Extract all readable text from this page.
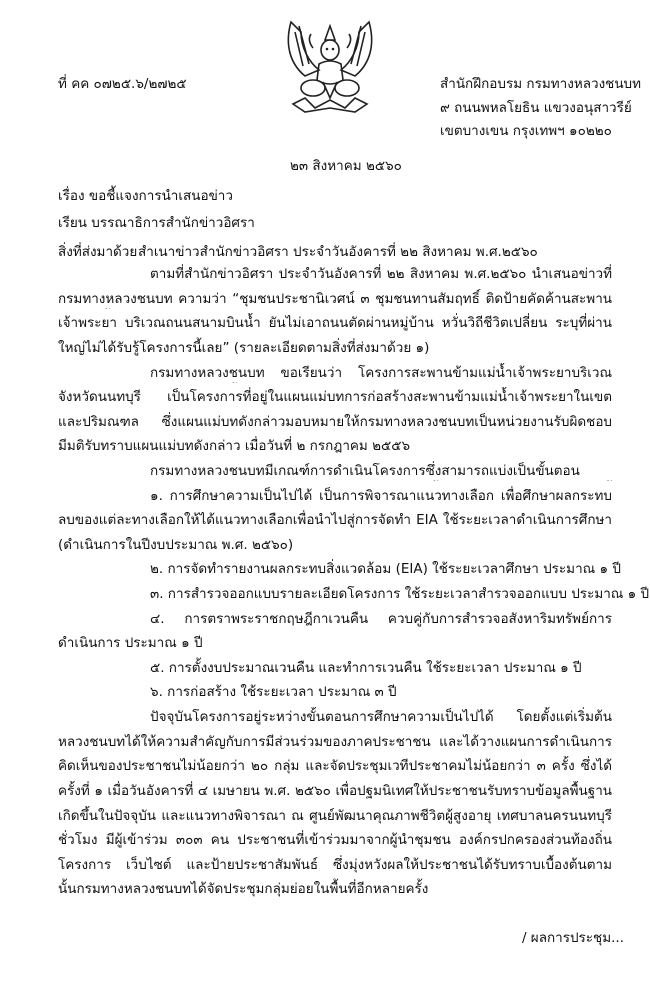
ที่ คค ๐๗๒๕.๖/๒๗๒๕	สำนักฝึกอบรม กรมทางหลวงชนบท
๙ ถนนพหลโยธิน แขวงอนุสาวรีย์
เขตบางเขน กรุงเทพฯ ๑๐๒๒๐
๒๓ สิงหาคม ๒๕๖๐
เรื่อง ขอชี้แจงการนำเสนอข่าว
เรียน บรรณาธิการสำนักข่าวอิศรา
สิ่งที่ส่งมาด้วย สำเนาข่าวสำนักข่าวอิศรา ประจำวันอังคารที่ ๒๒ สิงหาคม พ.ศ.๒๕๖๐
ตามที่สำนักข่าวอิศรา ประจำวันอังคารที่ ๒๒ สิงหาคม พ.ศ.๒๕๖๐ นำเสนอข่าวที่
กรมทางหลวงชนบท ความว่า “ชุมชนประชานิเวศน์ ๓ ชุมชนทานสัมฤทธิ์ ติดป้ายคัดค้านสะพาน
เจ้าพระยา บริเวณถนนสนามบินน้ำ ยันไม่เอาถนนตัดผ่านหมู่บ้าน หวั่นวิถีชีวิตเปลี่ยน ระบุที่ผ่าน
ใหญ่ไม่ได้รับรู้โครงการนี้เลย” (รายละเอียดตามสิ่งที่ส่งมาด้วย ๑)
กรมทางหลวงชนบท ขอเรียนว่า โครงการสะพานข้ามแม่น้ำเจ้าพระยาบริเวณ
จังหวัดนนทบุรี เป็นโครงการที่อยู่ในแผนแม่บทการก่อสร้างสะพานข้ามแม่น้ำเจ้าพระยาในเขต
และปริมณฑล ซึ่งแผนแม่บทดังกล่าวมอบหมายให้กรมทางหลวงชนบทเป็นหน่วยงานรับผิดชอบ
มีมติรับทราบแผนแม่บทดังกล่าว เมื่อวันที่ ๒ กรกฎาคม ๒๕๕๖
กรมทางหลวงชนบทมีเกณฑ์การดำเนินโครงการซึ่งสามารถแบ่งเป็นขั้นตอน
๑. การศึกษาความเป็นไปได้ เป็นการพิจารณาแนวทางเลือก เพื่อศึกษาผลกระทบ
ลบของแต่ละทางเลือกให้ได้แนวทางเลือกเพื่อนำไปสู่การจัดทำ EIA ใช้ระยะเวลาดำเนินการศึกษา
(ดำเนินการในปีงบประมาณ พ.ศ. ๒๕๖๐)
๒. การจัดทำรายงานผลกระทบสิ่งแวดล้อม (EIA) ใช้ระยะเวลาศึกษา ประมาณ ๑ ปี
๓. การสำรวจออกแบบรายละเอียดโครงการ ใช้ระยะเวลาสำรวจออกแบบ ประมาณ ๑ ปี
๔. การตราพระราชกฤษฎีกาเวนคืน ควบคู่กับการสำรวจอสังหาริมทรัพย์การ
ดำเนินการ ประมาณ ๑ ปี
๕. การตั้งงบประมาณเวนคืน และทำการเวนคืน ใช้ระยะเวลา ประมาณ ๑ ปี
๖. การก่อสร้าง ใช้ระยะเวลา ประมาณ ๓ ปี
ปัจจุบันโครงการอยู่ระหว่างขั้นตอนการศึกษาความเป็นไปได้ โดยตั้งแต่เริ่มต้น
หลวงชนบทได้ให้ความสำคัญกับการมีส่วนร่วมของภาคประชาชน และได้วางแผนการดำเนินการ
คิดเห็นของประชาชนไม่น้อยกว่า ๒๐ กลุ่ม และจัดประชุมเวทีประชาคมไม่น้อยกว่า ๓ ครั้ง ซึ่งได้
ครั้งที่ ๑ เมื่อวันอังคารที่ ๔ เมษายน พ.ศ. ๒๕๖๐ เพื่อปฐมนิเทศให้ประชาชนรับทราบข้อมูลพื้นฐาน
เกิดขึ้นในปัจจุบัน และแนวทางพิจารณา ณ ศูนย์พัฒนาคุณภาพชีวิตผู้สูงอายุ เทศบาลนครนนทบุรี
ชั่วโมง มีผู้เข้าร่วม ๓๐๓ คน ประชาชนที่เข้าร่วมมาจากผู้นำชุมชน องค์กรปกครองส่วนท้องถิ่น
โครงการ เว็บไซต์ และป้ายประชาสัมพันธ์ ซึ่งมุ่งหวังผลให้ประชาชนได้รับทราบเบื้องต้นตาม
นั้นกรมทางหลวงชนบทได้จัดประชุมกลุ่มย่อยในพื้นที่อีกหลายครั้ง
/ ผลการประชุม...
